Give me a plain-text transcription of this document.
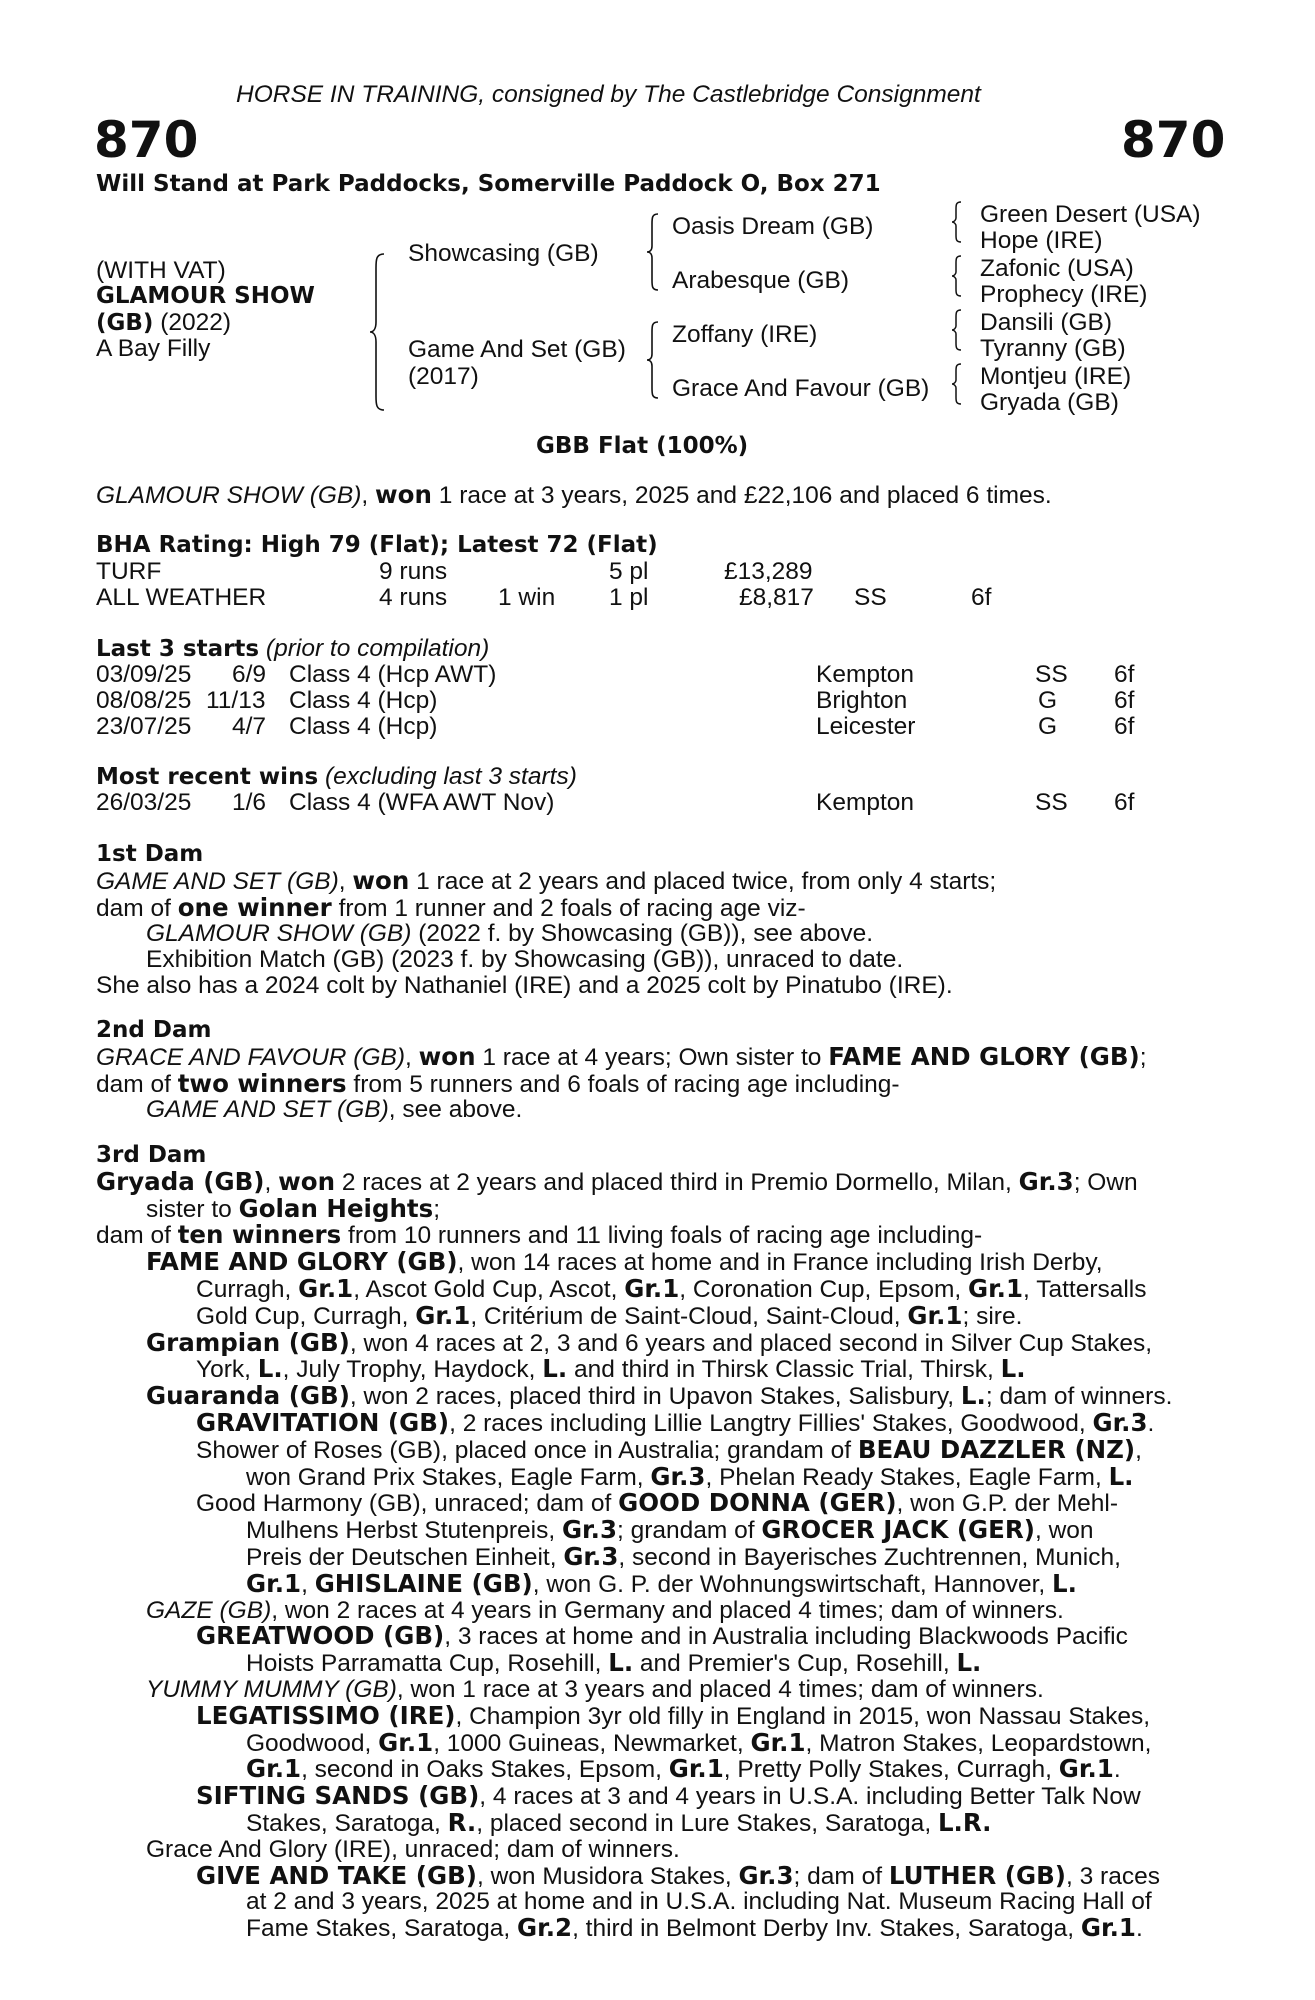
HORSE IN TRAINING, consigned by The Castlebridge Consignment
870	870
Will Stand at Park Paddocks, Somerville Paddock O, Box 271
(WITH VAT)
GLAMOUR SHOW
(GB) (2022)
A Bay Filly
Showcasing (GB)
Game And Set (GB)
(2017)
Oasis Dream (GB)
Arabesque (GB)
Zoffany (IRE)
Grace And Favour (GB)
Green Desert (USA)
Hope (IRE)
Zafonic (USA)
Prophecy (IRE)
Dansili (GB)
Tyranny (GB)
Montjeu (IRE)
Gryada (GB)
GBB Flat (100%)
GLAMOUR SHOW (GB), won 1 race at 3 years, 2025 and £22,106 and placed 6 times.
BHA Rating: High 79 (Flat); Latest 72 (Flat)
TURF	9 runs	5 pl	£13,289
ALL WEATHER	4 runs 1 win 1 pl	£8,817 SS	6f
Last 3 starts (prior to compilation)
03/09/25 6/9 Class 4 (Hcp AWT)	Kempton	SS 6f
08/08/25 11/13 Class 4 (Hcp)	Brighton	G 6f
23/07/25 4/7 Class 4 (Hcp)	Leicester	G 6f
Most recent wins (excluding last 3 starts)
26/03/25 1/6 Class 4 (WFA AWT Nov)	Kempton	SS 6f
1st Dam
GAME AND SET (GB), won 1 race at 2 years and placed twice, from only 4 starts;
dam of one winner from 1 runner and 2 foals of racing age viz-
GLAMOUR SHOW (GB) (2022 f. by Showcasing (GB)), see above.
Exhibition Match (GB) (2023 f. by Showcasing (GB)), unraced to date.
She also has a 2024 colt by Nathaniel (IRE) and a 2025 colt by Pinatubo (IRE).
2nd Dam
GRACE AND FAVOUR (GB), won 1 race at 4 years; Own sister to FAME AND GLORY (GB);
dam of two winners from 5 runners and 6 foals of racing age including-
GAME AND SET (GB), see above.
3rd Dam
Gryada (GB), won 2 races at 2 years and placed third in Premio Dormello, Milan, Gr.3; Own
sister to Golan Heights;
dam of ten winners from 10 runners and 11 living foals of racing age including-
FAME AND GLORY (GB), won 14 races at home and in France including Irish Derby,
Curragh, Gr.1, Ascot Gold Cup, Ascot, Gr.1, Coronation Cup, Epsom, Gr.1, Tattersalls
Gold Cup, Curragh, Gr.1, Critérium de Saint-Cloud, Saint-Cloud, Gr.1; sire.
Grampian (GB), won 4 races at 2, 3 and 6 years and placed second in Silver Cup Stakes,
York, L., July Trophy, Haydock, L. and third in Thirsk Classic Trial, Thirsk, L.
Guaranda (GB), won 2 races, placed third in Upavon Stakes, Salisbury, L.; dam of winners.
GRAVITATION (GB), 2 races including Lillie Langtry Fillies' Stakes, Goodwood, Gr.3.
Shower of Roses (GB), placed once in Australia; grandam of BEAU DAZZLER (NZ),
won Grand Prix Stakes, Eagle Farm, Gr.3, Phelan Ready Stakes, Eagle Farm, L.
Good Harmony (GB), unraced; dam of GOOD DONNA (GER), won G.P. der Mehl-
Mulhens Herbst Stutenpreis, Gr.3; grandam of GROCER JACK (GER), won
Preis der Deutschen Einheit, Gr.3, second in Bayerisches Zuchtrennen, Munich,
Gr.1, GHISLAINE (GB), won G. P. der Wohnungswirtschaft, Hannover, L.
GAZE (GB), won 2 races at 4 years in Germany and placed 4 times; dam of winners.
GREATWOOD (GB), 3 races at home and in Australia including Blackwoods Pacific
Hoists Parramatta Cup, Rosehill, L. and Premier's Cup, Rosehill, L.
YUMMY MUMMY (GB), won 1 race at 3 years and placed 4 times; dam of winners.
LEGATISSIMO (IRE), Champion 3yr old filly in England in 2015, won Nassau Stakes,
Goodwood, Gr.1, 1000 Guineas, Newmarket, Gr.1, Matron Stakes, Leopardstown,
Gr.1, second in Oaks Stakes, Epsom, Gr.1, Pretty Polly Stakes, Curragh, Gr.1.
SIFTING SANDS (GB), 4 races at 3 and 4 years in U.S.A. including Better Talk Now
Stakes, Saratoga, R., placed second in Lure Stakes, Saratoga, L.R.
Grace And Glory (IRE), unraced; dam of winners.
GIVE AND TAKE (GB), won Musidora Stakes, Gr.3; dam of LUTHER (GB), 3 races
at 2 and 3 years, 2025 at home and in U.S.A. including Nat. Museum Racing Hall of
Fame Stakes, Saratoga, Gr.2, third in Belmont Derby Inv. Stakes, Saratoga, Gr.1.
